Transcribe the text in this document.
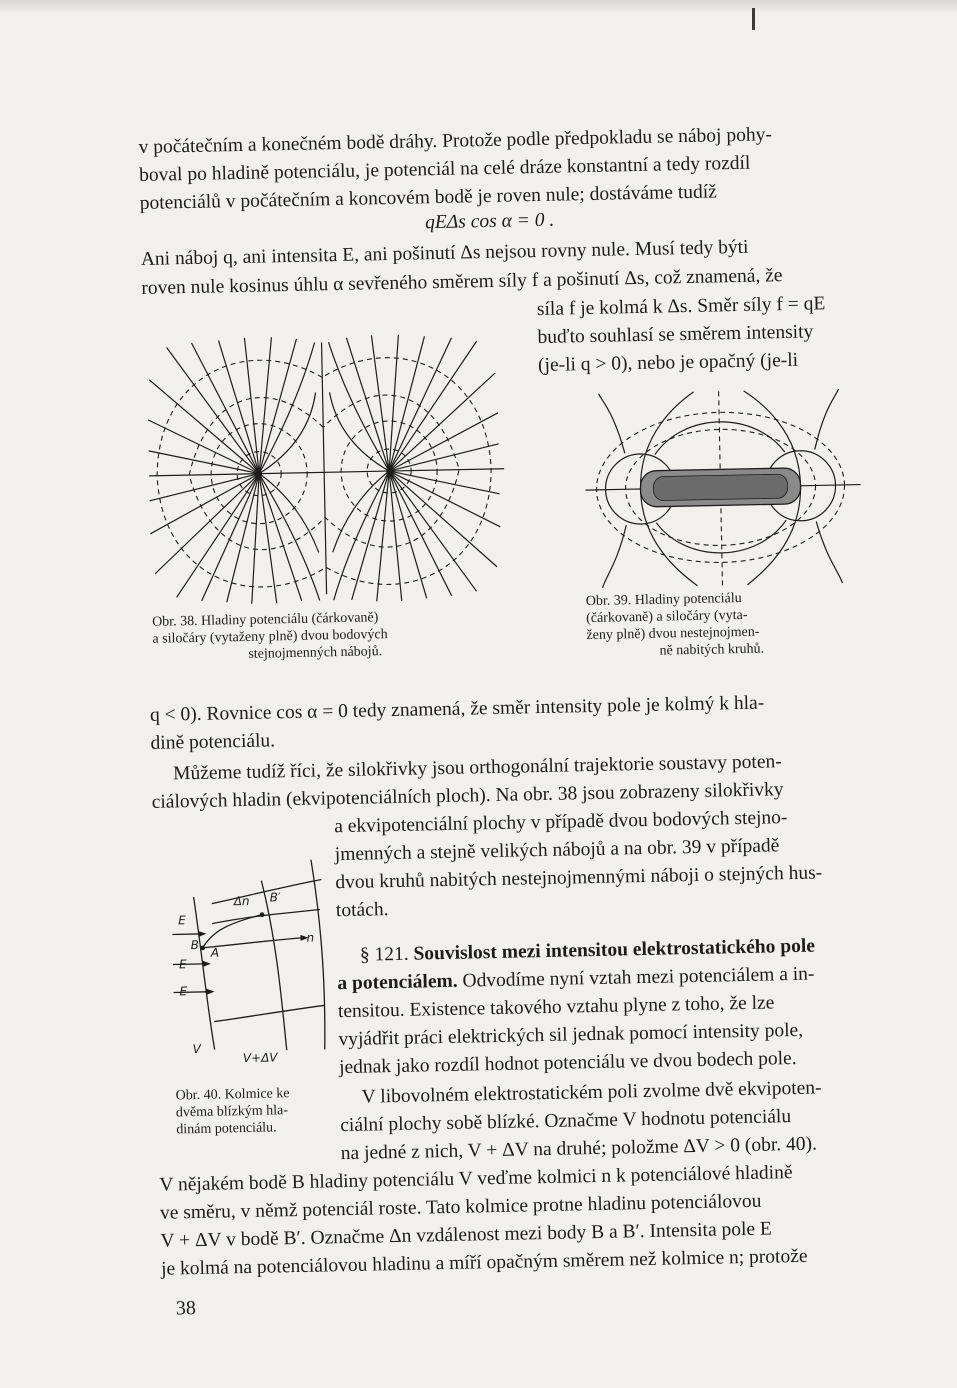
v počátečním a konečném bodě dráhy. Protože podle předpokladu se náboj pohy-
boval po hladině potenciálu, je potenciál na celé dráze konstantní a tedy rozdíl
potenciálů v počátečním a koncovém bodě je roven nule; dostáváme tudíž
qEΔs cos α = 0 .
Ani náboj q, ani intensita E, ani pošinutí Δs nejsou rovny nule. Musí tedy býti
roven nule kosinus úhlu α sevřeného směrem síly f a pošinutí Δs, což znamená, že
síla f je kolmá k Δs. Směr síly f = qE
buďto souhlasí se směrem intensity
(je-li q > 0), nebo je opačný (je-li
Obr. 38. Hladiny potenciálu (čárkovaně)
a siločáry (vytaženy plně) dvou bodových
stejnojmenných nábojů.
Obr. 39. Hladiny potenciálu
(čárkovaně) a siločáry (vyta-
ženy plně) dvou nestejnojmen-
ně nabitých kruhů.
q < 0). Rovnice cos α = 0 tedy znamená, že směr intensity pole je kolmý k hla-
dině potenciálu.
Můžeme tudíž říci, že silokřivky jsou orthogonální trajektorie soustavy poten-
ciálových hladin (ekvipotenciálních ploch). Na obr. 38 jsou zobrazeny silokřivky
a ekvipotenciální plochy v případě dvou bodových stejno-
jmenných a stejně velikých nábojů a na obr. 39 v případě
dvou kruhů nabitých nestejnojmennými náboji o stejných hus-
totách.
E
E
E
Δn B′
n
B
A
V
V+ΔV
Obr. 40. Kolmice ke
dvěma blízkým hla-
dinám potenciálu.
§ 121. Souvislost mezi intensitou elektrostatického pole
a potenciálem. Odvodíme nyní vztah mezi potenciálem a in-
tensitou. Existence takového vztahu plyne z toho, že lze
vyjádřit práci elektrických sil jednak pomocí intensity pole,
jednak jako rozdíl hodnot potenciálu ve dvou bodech pole.
V libovolném elektrostatickém poli zvolme dvě ekvipoten-
ciální plochy sobě blízké. Označme V hodnotu potenciálu
na jedné z nich, V + ΔV na druhé; položme ΔV > 0 (obr. 40).
V nějakém bodě B hladiny potenciálu V veďme kolmici n k potenciálové hladině
ve směru, v němž potenciál roste. Tato kolmice protne hladinu potenciálovou
V + ΔV v bodě B′. Označme Δn vzdálenost mezi body B a B′. Intensita pole E
je kolmá na potenciálovou hladinu a míří opačným směrem než kolmice n; protože
38
